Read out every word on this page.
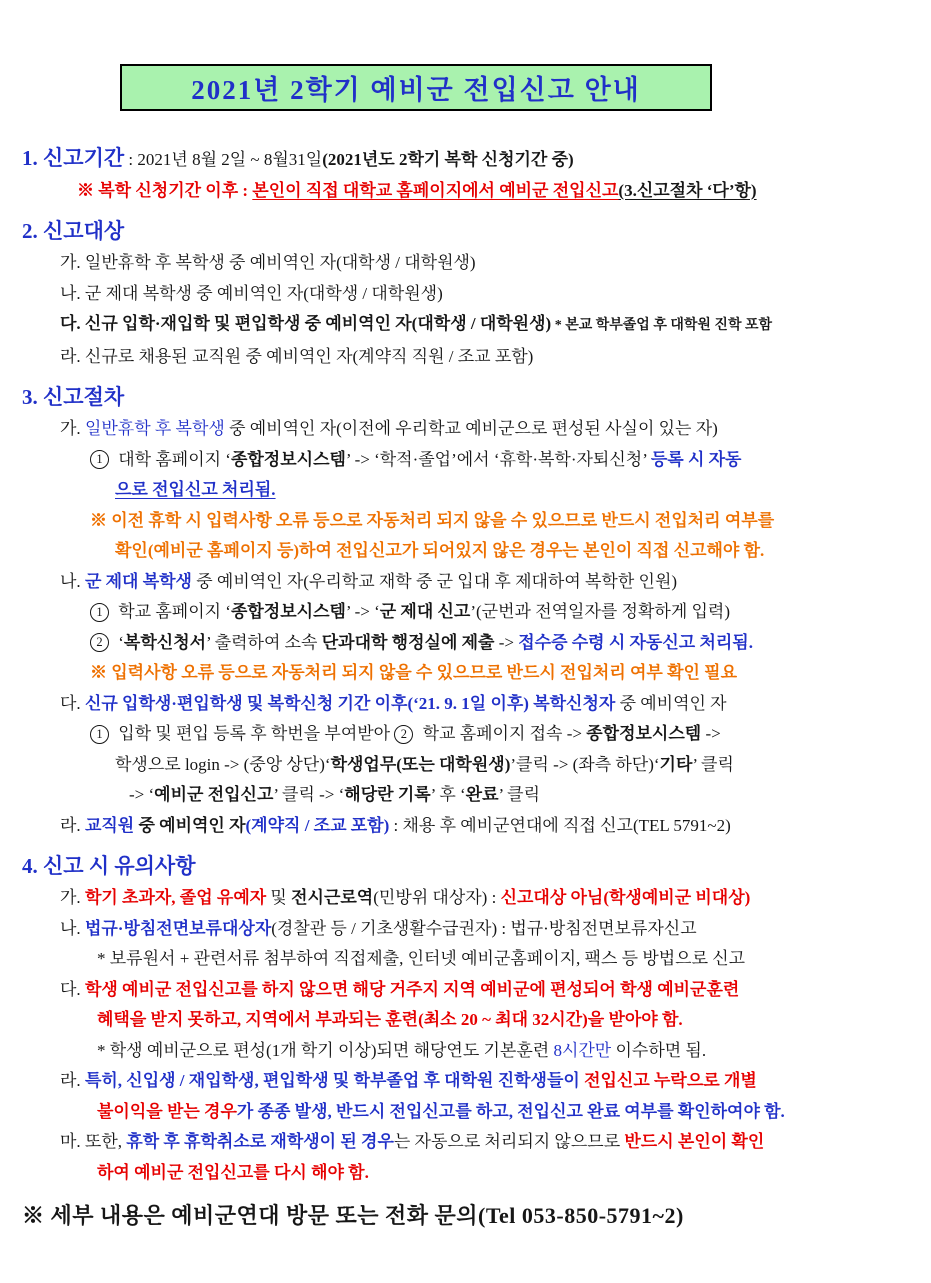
2021년 2학기 예비군 전입신고 안내
1. 신고기간 : 2021년 8월 2일 ~ 8월31일(2021년도 2학기 복학 신청기간 중)
※ 복학 신청기간 이후 : 본인이 직접 대학교 홈페이지에서 예비군 전입신고(3.신고절차 ‘다’항)
2. 신고대상
가. 일반휴학 후 복학생 중 예비역인 자(대학생 / 대학원생)
나. 군 제대 복학생 중 예비역인 자(대학생 / 대학원생)
다. 신규 입학·재입학 및 편입학생 중 예비역인 자(대학생 / 대학원생) * 본교 학부졸업 후 대학원 진학 포함
라. 신규로 채용된 교직원 중 예비역인 자(계약직 직원 / 조교 포함)
3. 신고절차
가. 일반휴학 후 복학생 중 예비역인 자(이전에 우리학교 예비군으로 편성된 사실이 있는 자)
1 대학 홈페이지 ‘종합정보시스템’ -> ‘학적·졸업’에서 ‘휴학·복학·자퇴신청’ 등록 시 자동
으로 전입신고 처리됨.
※ 이전 휴학 시 입력사항 오류 등으로 자동처리 되지 않을 수 있으므로 반드시 전입처리 여부를
확인(예비군 홈페이지 등)하여 전입신고가 되어있지 않은 경우는 본인이 직접 신고해야 함.
나. 군 제대 복학생 중 예비역인 자(우리학교 재학 중 군 입대 후 제대하여 복학한 인원)
1 학교 홈페이지 ‘종합정보시스템’ -> ‘군 제대 신고’(군번과 전역일자를 정확하게 입력)
2 ‘복학신청서’ 출력하여 소속 단과대학 행정실에 제출 -> 접수증 수령 시 자동신고 처리됨.
※ 입력사항 오류 등으로 자동처리 되지 않을 수 있으므로 반드시 전입처리 여부 확인 필요
다. 신규 입학생·편입학생 및 복학신청 기간 이후(‘21. 9. 1일 이후) 복학신청자 중 예비역인 자
1 입학 및 편입 등록 후 학번을 부여받아 2 학교 홈페이지 접속 -> 종합정보시스템 ->
학생으로 login -> (중앙 상단)‘학생업무(또는 대학원생)’클릭 -> (좌측 하단)‘기타’ 클릭
-> ‘예비군 전입신고’ 클릭 -> ‘해당란 기록’ 후 ‘완료’ 클릭
라. 교직원 중 예비역인 자(계약직 / 조교 포함) : 채용 후 예비군연대에 직접 신고(TEL 5791~2)
4. 신고 시 유의사항
가. 학기 초과자, 졸업 유예자 및 전시근로역(민방위 대상자) : 신고대상 아님(학생예비군 비대상)
나. 법규·방침전면보류대상자(경찰관 등 / 기초생활수급권자) : 법규·방침전면보류자신고
* 보류원서 + 관련서류 첨부하여 직접제출, 인터넷 예비군홈페이지, 팩스 등 방법으로 신고
다. 학생 예비군 전입신고를 하지 않으면 해당 거주지 지역 예비군에 편성되어 학생 예비군훈련
혜택을 받지 못하고, 지역에서 부과되는 훈련(최소 20 ~ 최대 32시간)을 받아야 함.
* 학생 예비군으로 편성(1개 학기 이상)되면 해당연도 기본훈련 8시간만 이수하면 됨.
라. 특히, 신입생 / 재입학생, 편입학생 및 학부졸업 후 대학원 진학생들이 전입신고 누락으로 개별
불이익을 받는 경우가 종종 발생, 반드시 전입신고를 하고, 전입신고 완료 여부를 확인하여야 함.
마. 또한, 휴학 후 휴학취소로 재학생이 된 경우는 자동으로 처리되지 않으므로 반드시 본인이 확인
하여 예비군 전입신고를 다시 해야 함.
※ 세부 내용은 예비군연대 방문 또는 전화 문의(Tel 053-850-5791~2)
